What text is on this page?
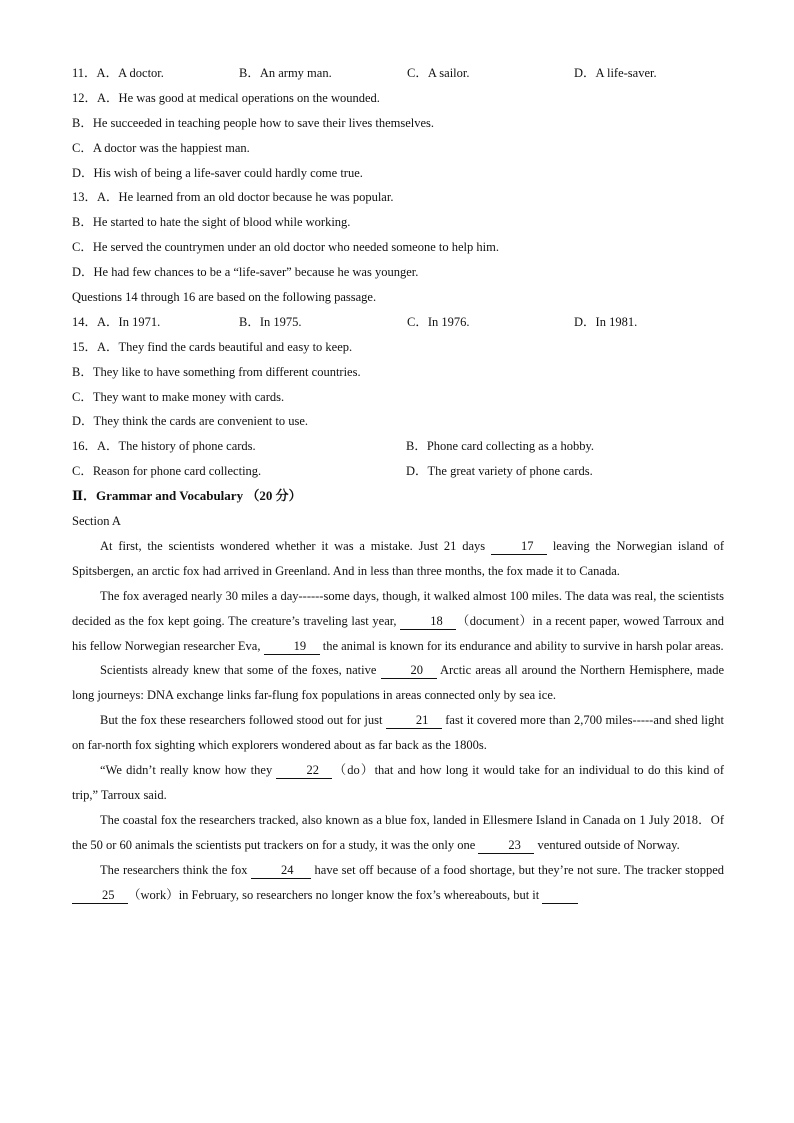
11．A．A doctor.	B．An army man.	C．A sailor.	D．A life-saver.
12．A．He was good at medical operations on the wounded.
B．He succeeded in teaching people how to save their lives themselves.
C．A doctor was the happiest man.
D．His wish of being a life-saver could hardly come true.
13．A．He learned from an old doctor because he was popular.
B．He started to hate the sight of blood while working.
C．He served the countrymen under an old doctor who needed someone to help him.
D．He had few chances to be a “life-saver” because he was younger.
Questions 14 through 16 are based on the following passage.
14．A．In 1971.	B．In 1975.	C．In 1976.	D．In 1981.
15．A．They find the cards beautiful and easy to keep.
B．They like to have something from different countries.
C．They want to make money with cards.
D．They think the cards are convenient to use.
16．A．The history of phone cards.	B．Phone card collecting as a hobby.
C．Reason for phone card collecting.	D．The great variety of phone cards.
Ⅱ．Grammar and Vocabulary （20 分）
Section A

At first, the scientists wondered whether it was a mistake. Just 21 days 17 leaving the Norwegian island of Spitsbergen, an arctic fox had arrived in Greenland. And in less than three months, the fox made it to Canada.

The fox averaged nearly 30 miles a day------some days, though, it walked almost 100 miles. The data was real, the scientists decided as the fox kept going. The creature’s traveling last year, 18 （document）in a recent paper, wowed Tarroux and his fellow Norwegian researcher Eva, 19 the animal is known for its endurance and ability to survive in harsh polar areas.

Scientists already knew that some of the foxes, native 20 Arctic areas all around the Northern Hemisphere, made long journeys: DNA exchange links far-flung fox populations in areas connected only by sea ice.

But the fox these researchers followed stood out for just 21 fast it covered more than 2,700 miles-----and shed light on far-north fox sighting which explorers wondered about as far back as the 1800s.

“We didn’t really know how they 22 （do）that and how long it would take for an individual to do this kind of trip,” Tarroux said.

The coastal fox the researchers tracked, also known as a blue fox, landed in Ellesmere Island in Canada on 1 July 2018．Of the 50 or 60 animals the scientists put trackers on for a study, it was the only one 23 ventured outside of Norway.

The researchers think the fox 24 have set off because of a food shortage, but they’re not sure. The tracker stopped 25 （work）in February, so researchers no longer know the fox’s whereabouts, but it
